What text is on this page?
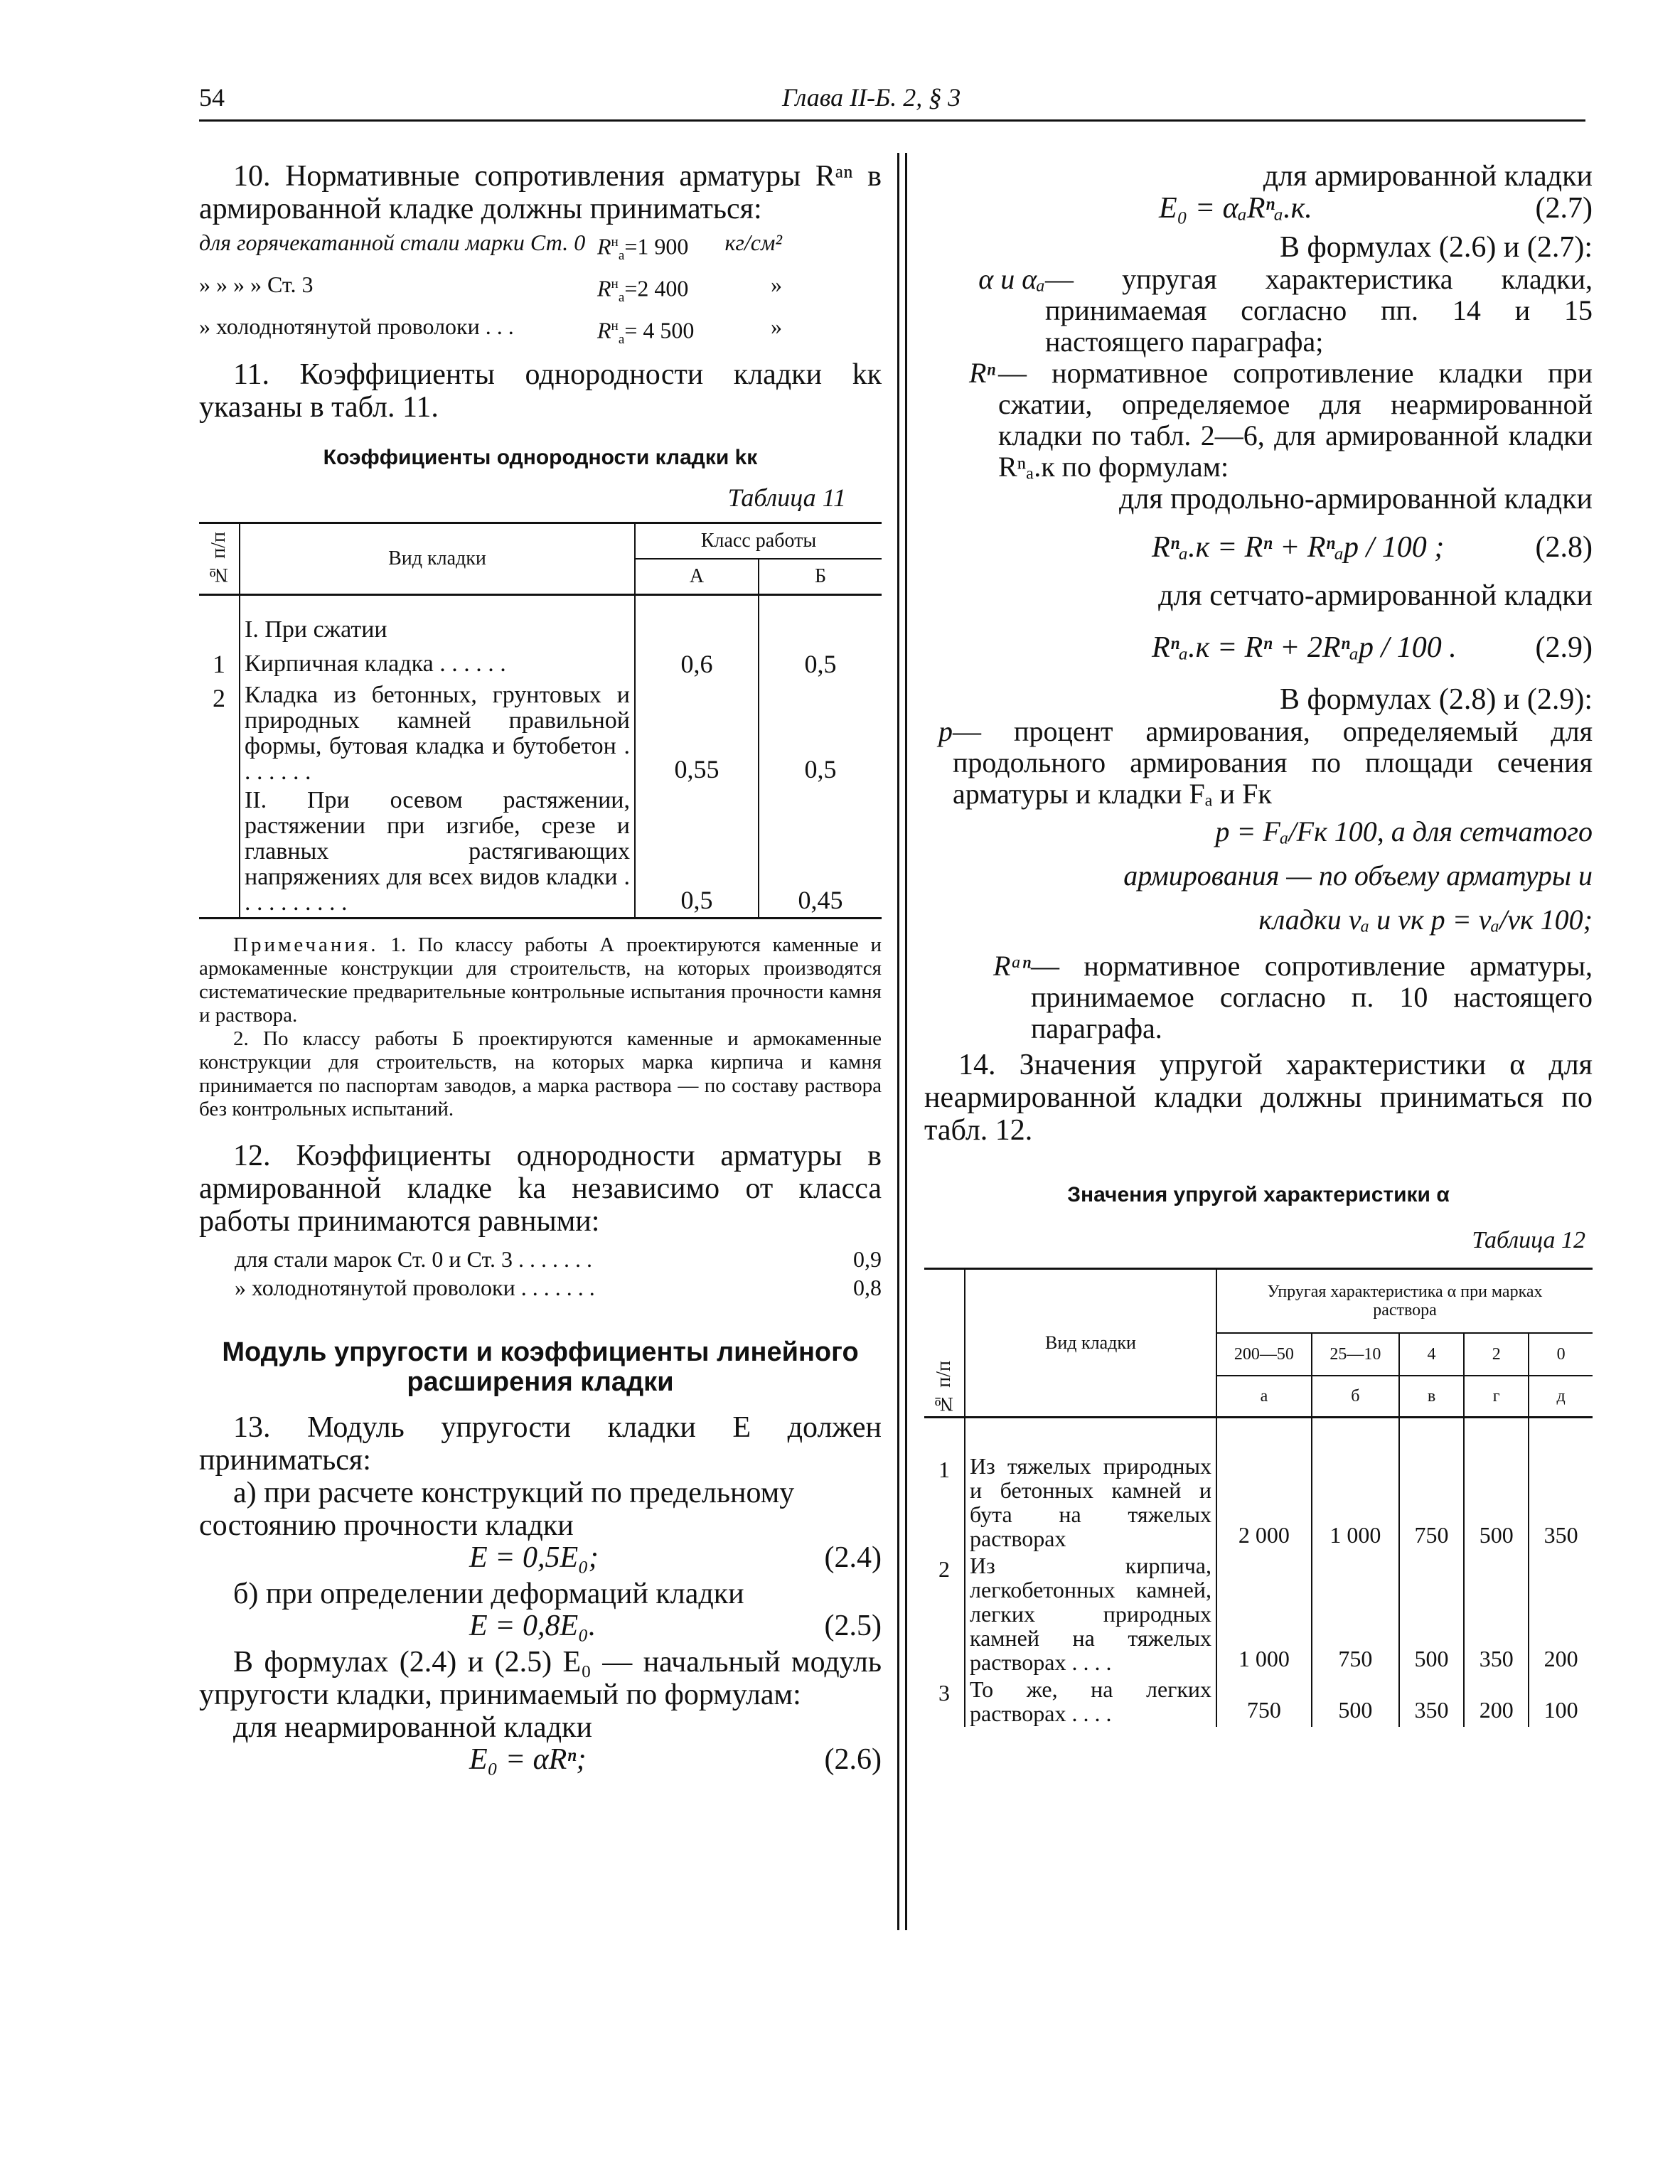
54	Глава II-Б. 2, § 3

10. Нормативные сопротивления арматуры Rᵃⁿ в армированной кладке должны приниматься:

для горячекатанной стали марки Ст. 0 $R^н_а=1$ 900	кг/см²
» » » » Ст. 3	$R^н_а=2$ 400	»
» холоднотянутой проволоки . . .	$R^н_а= 4$ 500	»

11. Коэффициенты однородности кладки kк указаны в табл. 11.

Коэффициенты однородности кладки kк
Таблица 11
№ п/п	Вид кладки	Класс работы	
		А	Б
	I. При сжатии		
1	Кирпичная кладка . . . . . .	0,6	0,5
2	Кладка из бетонных, грунтовых и природных камней правильной формы, бутовая кладка и бутобетон . . . . . . .	0,55	0,5
	II. При осевом растяжении, растяжении при изгибе, срезе и главных растягивающих напряжениях для всех видов кладки . . . . . . . . . .	0,5	0,45

Примечания. 1. По классу работы А проектируются каменные и армокаменные конструкции для строительств, на которых производятся систематические предварительные контрольные испытания прочности камня и раствора.

2. По классу работы Б проектируются каменные и армокаменные конструкции для строительств, на которых марка кирпича и камня принимается по паспортам заводов, а марка раствора — по составу раствора без контрольных испытаний.

12. Коэффициенты однородности арматуры в армированной кладке kа независимо от класса работы принимаются равными:

для стали марок Ст. 0 и Ст. 3 . . . . . . .	0,9
» холоднотянутой проволоки . . . . . . .	0,8
Модуль упругости и коэффициенты линейного расширения кладки

13. Модуль упругости кладки E должен приниматься:

а) при расчете конструкций по предельному состоянию прочности кладки

E = 0,5E₀;	(2.4)

б) при определении деформаций кладки

E = 0,8E₀.	(2.5)

В формулах (2.4) и (2.5) E₀ — начальный модуль упругости кладки, принимаемый по формулам:

для неармированной кладки

E₀ = αRⁿ;	(2.6)

для армированной кладки

E₀ = αₐRⁿₐ.к.	(2.7)

В формулах (2.6) и (2.7):

α и αₐ — упругая характеристика кладки, принимаемая согласно пп. 14 и 15 настоящего параграфа;
Rⁿ — нормативное сопротивление кладки при сжатии, определяемое для неармированной кладки по табл. 2—6, для армированной кладки Rⁿₐ.к по формулам:

для продольно-армированной кладки

Rⁿₐ.к = Rⁿ + Rⁿₐp / 100 ;	(2.8)

для сетчато-армированной кладки

Rⁿₐ.к = Rⁿ + 2Rⁿₐp / 100 .	(2.9)

В формулах (2.8) и (2.9):

p — процент армирования, определяемый для продольного армирования по площади сечения арматуры и кладки Fₐ и Fк

p = Fₐ/Fк 100, а для сетчатого армирования — по объему арматуры и кладки vₐ и vк p = vₐ/vк 100;

Rᵃⁿ — нормативное сопротивление арматуры, принимаемое согласно п. 10 настоящего параграфа.

14. Значения упругой характеристики α для неармированной кладки должны приниматься по табл. 12.

Значения упругой характеристики α
Таблица 12
№ п/п	Вид кладки	Упругая характеристика α при марках раствора				
		200—50	25—10	4	2	0
		а	б	в	г	д
1	Из тяжелых природных и бетонных камней и бута на тяжелых растворах	2 000	1 000	750	500	350
2	Из кирпича, легкобетонных камней, легких природных камней на тяжелых растворах . . . .	1 000	750	500	350	200
3	То же, на легких растворах . . . .	750	500	350	200	100
